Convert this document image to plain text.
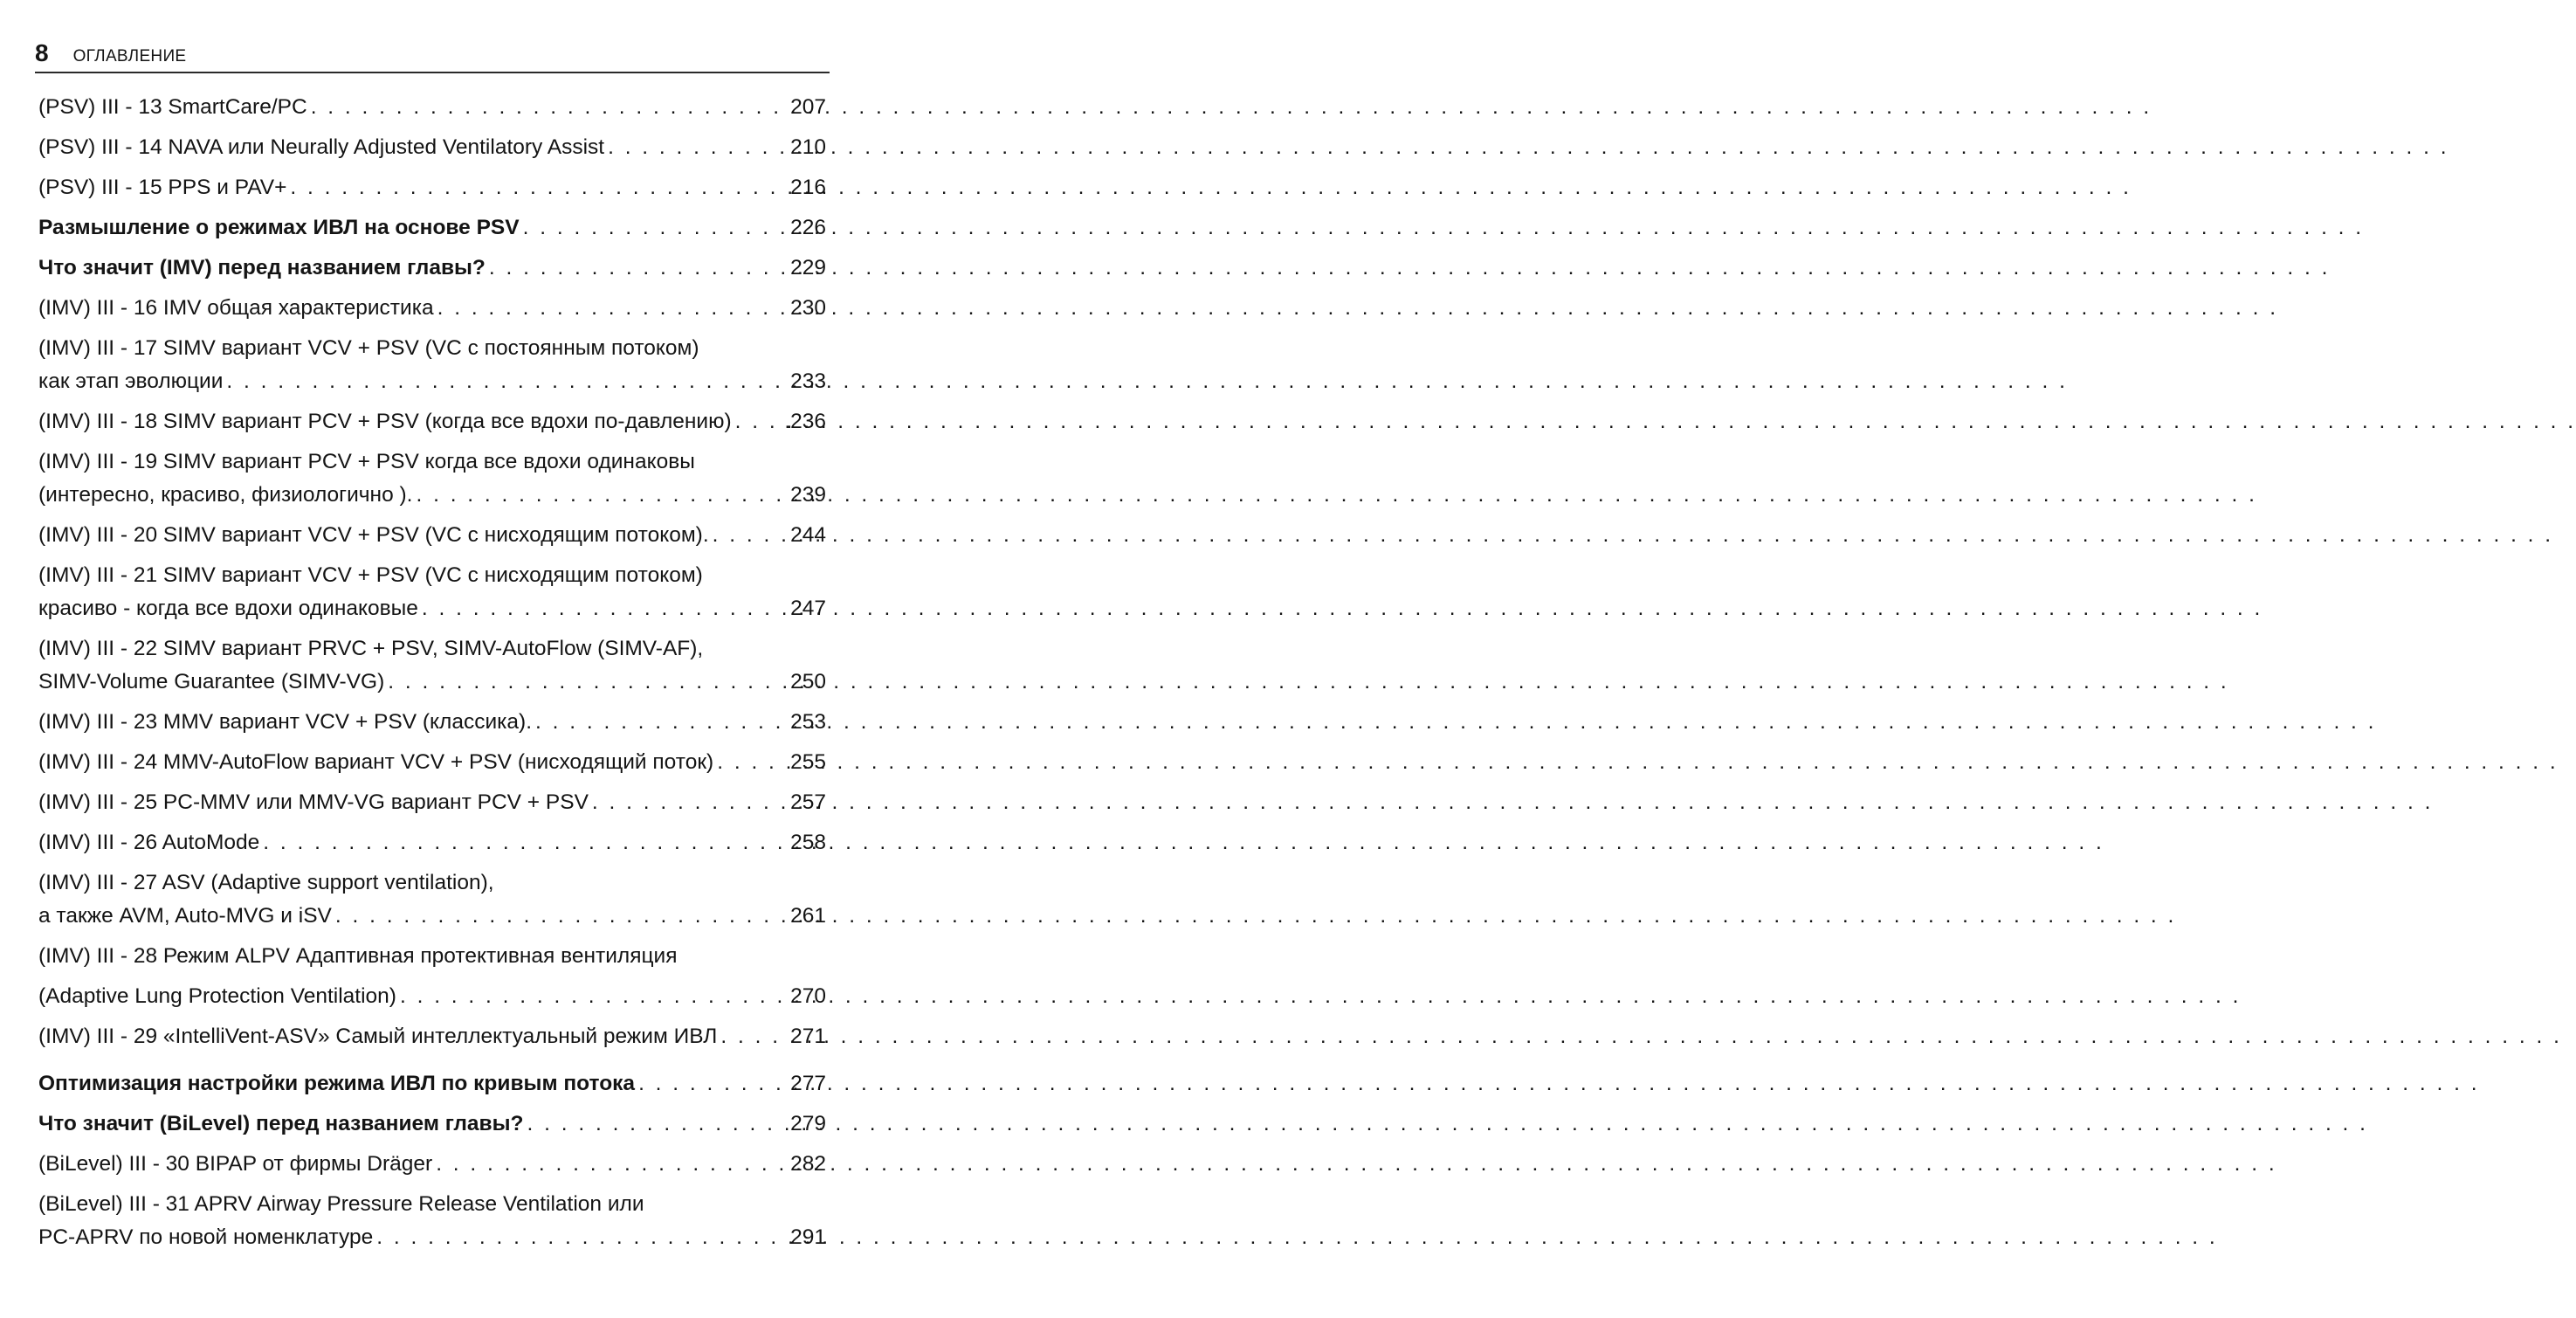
8 ОГЛАВЛЕНИЕ
(PSV) III - 13 SmartCare/PC . . .	207
(PSV) III - 14 NAVA или Neurally Adjusted Ventilatory Assist . . .	210
(PSV) III - 15 PPS и PAV+ . . .	216
Размышление о режимах ИВЛ на основе PSV . . .	226
Что значит (IMV) перед названием главы? . . .	229
(IMV) III - 16 IMV общая характеристика . . .	230
(IMV) III - 17 SIMV вариант VCV + PSV (VC с постоянным потоком)
как этап эволюции . . .	233
(IMV) III - 18 SIMV вариант PCV + PSV (когда все вдохи по-давлению) . . . .236
(IMV) III - 19 SIMV вариант PCV + PSV когда все вдохи одинаковы
(интересно, красиво, физиологично ). . . .	239
(IMV) III - 20 SIMV вариант VCV + PSV (VC с нисходящим потоком). . . .	244
(IMV) III - 21 SIMV вариант VCV + PSV (VC с нисходящим потоком)
красиво - когда все вдохи одинаковые . . .	247
(IMV) III - 22 SIMV вариант PRVC + PSV, SIMV-AutoFlow (SIMV-AF),
SIMV-Volume Guarantee (SIMV-VG) . . .	250
(IMV) III - 23 MMV вариант VCV + PSV (классика). . . .	253
(IMV) III - 24 MMV-AutoFlow вариант VCV + PSV (нисходящий поток) . . .	255
(IMV) III - 25 PC-MMV или MMV-VG вариант PCV + PSV . . .	257
(IMV) III - 26 AutoMode . . .	258
(IMV) III - 27 ASV (Adaptive support ventilation),
а также AVM, Auto-MVG и iSV . . .	261
(IMV) III - 28 Режим ALPV Адаптивная протективная вентиляция
(Adaptive Lung Protection Ventilation) . . .	270
(IMV) III - 29 «IntelliVent-ASV» Самый интеллектуальный режим ИВЛ . . .	271
Оптимизация настройки режима ИВЛ по кривым потока . . .	277
Что значит (BiLevel) перед названием главы? . . .	279
(BiLevel) III - 30 BIPAP от фирмы Dräger . . .	282
(BiLevel) III - 31 APRV Airway Pressure Release Ventilation или
PC-APRV по новой номенклатуре . . .	291
